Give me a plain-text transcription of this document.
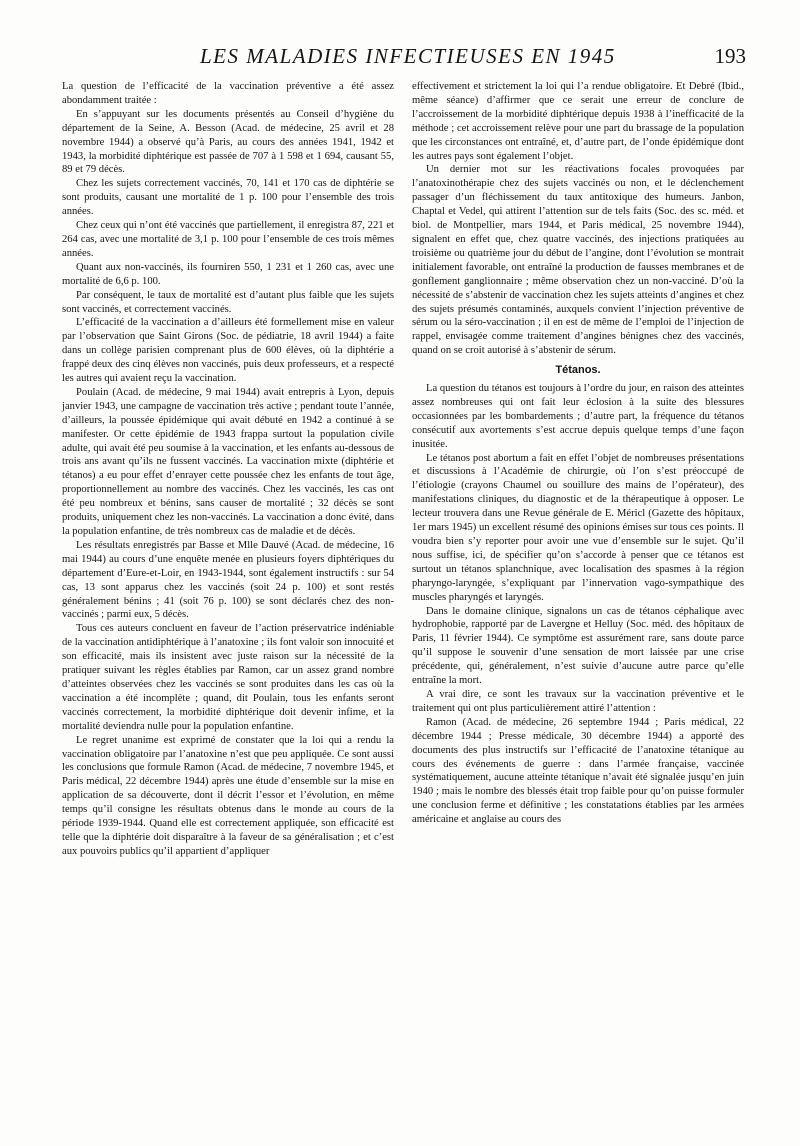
LES MALADIES INFECTIEUSES EN 1945	193

La question de l’efficacité de la vaccination préventive a été assez abondamment traitée :

En s’appuyant sur les documents présentés au Conseil d’hygiène du département de la Seine, A. Besson (Acad. de médecine, 25 avril et 28 novembre 1944) a observé qu’à Paris, au cours des années 1941, 1942 et 1943, la morbidité diphtérique est passée de 707 à 1 598 et 1 694, causant 55, 89 et 79 décès.

Chez les sujets correctement vaccinés, 70, 141 et 170 cas de diphtérie se sont produits, causant une mortalité de 1 p. 100 pour l’ensemble des trois années.

Chez ceux qui n’ont été vaccinés que partiellement, il enregistra 87, 221 et 264 cas, avec une mortalité de 3,1 p. 100 pour l’ensemble de ces trois mêmes années.

Quant aux non-vaccinés, ils fourniren 550, 1 231 et 1 260 cas, avec une mortalité de 6,6 p. 100.

Par conséquent, le taux de mortalité est d’autant plus faible que les sujets sont vaccinés, et correctement vaccinés.

L’efficacité de la vaccination a d’ailleurs été formellement mise en valeur par l’observation que Saint Girons (Soc. de pédiatrie, 18 avril 1944) a faite dans un collège parisien comprenant plus de 600 élèves, où la diphtérie a frappé deux des cinq élèves non vaccinés, puis deux professeurs, et a respecté les autres qui avaient reçu la vaccination.

Poulain (Acad. de médecine, 9 mai 1944) avait entrepris à Lyon, depuis janvier 1943, une campagne de vaccination très active ; pendant toute l’année, d’ailleurs, la poussée épidémique qui avait débuté en 1942 a continué à se manifester. Or cette épidémie de 1943 frappa surtout la population civile adulte, qui avait été peu soumise à la vaccination, et les enfants au-dessous de trois ans avant qu’ils ne fussent vaccinés. La vaccination mixte (diphtérie et tétanos) a eu pour effet d’enrayer cette poussée chez les enfants de tout âge, proportionnellement au nombre des vaccinés. Chez les vaccinés, les cas ont été peu nombreux et bénins, sans causer de mortalité ; 32 décès se sont produits, uniquement chez les non-vaccinés. La vaccination a donc évité, dans la population enfantine, de très nombreux cas de maladie et de décès.

Les résultats enregistrés par Basse et Mlle Dauvé (Acad. de médecine, 16 mai 1944) au cours d’une enquête menée en plusieurs foyers diphtériques du département d’Eure-et-Loir, en 1943-1944, sont également instructifs : sur 54 cas, 13 sont apparus chez les vaccinés (soit 24 p. 100) et sont restés généralement bénins ; 41 (soit 76 p. 100) se sont déclarés chez des non-vaccinés ; parmi eux, 5 décès.

Tous ces auteurs concluent en faveur de l’action préservatrice indéniable de la vaccination antidiphtérique à l’anatoxine ; ils font valoir son innocuité et son efficacité, mais ils insistent avec juste raison sur la nécessité de la pratiquer suivant les règles établies par Ramon, car un assez grand nombre d’atteintes observées chez les vaccinés se sont produites dans les cas où la vaccination a été incomplète ; quand, dit Poulain, tous les enfants seront vaccinés correctement, la morbidité diphtérique doit devenir infime, et la mortalité deviendra nulle pour la population enfantine.

Le regret unanime est exprimé de constater que la loi qui a rendu la vaccination obligatoire par l’anatoxine n’est que peu appliquée. Ce sont aussi les conclusions que formule Ramon (Acad. de médecine, 7 novembre 1945, et Paris médical, 22 décembre 1944) après une étude d’ensemble sur la mise en application de sa découverte, dont il décrit l’essor et l’évolution, en même temps qu’il consigne les résultats obtenus dans le monde au cours de la période 1939-1944. Quand elle est correctement appliquée, son efficacité est telle que la diphtérie doit disparaître à la faveur de sa généralisation ; et c’est aux pouvoirs publics qu’il appartient d’appliquer

effectivement et strictement la loi qui l’a rendue obligatoire. Et Debré (Ibid., même séance) d’affirmer que ce serait une erreur de conclure de l’accroissement de la morbidité diphtérique depuis 1938 à l’inefficacité de la méthode ; cet accroissement relève pour une part du brassage de la population que les circonstances ont entraîné, et, d’autre part, de l’onde épidémique dont les autres pays sont également l’objet.

Un dernier mot sur les réactivations focales provoquées par l’anatoxinothérapie chez des sujets vaccinés ou non, et le déclenchement passager d’un fléchissement du taux antitoxique des humeurs. Janbon, Chaptal et Vedel, qui attirent l’attention sur de tels faits (Soc. des sc. méd. et biol. de Montpellier, mars 1944, et Paris médical, 25 novembre 1944), signalent en effet que, chez quatre vaccinés, des injections pratiquées au troisième ou quatrième jour du début de l’angine, dont l’évolution se montrait initialement favorable, ont entraîné la production de fausses membranes et de gonflement ganglionnaire ; même observation chez un non-vacciné. D’où la nécessité de s’abstenir de vaccination chez les sujets atteints d’angines et chez des sujets présumés contaminés, auxquels convient l’injection préventive de sérum ou la séro-vaccination ; il en est de même de l’emploi de l’injection de rappel, envisagée comme traitement d’angines bénignes chez des vaccinés, quand on se croit autorisé à s’abstenir de sérum.

Tétanos.

La question du tétanos est toujours à l’ordre du jour, en raison des atteintes assez nombreuses qui ont fait leur éclosion à la suite des blessures occasionnées par les bombardements ; d’autre part, la fréquence du tétanos consécutif aux avortements s’est accrue depuis quelque temps d’une façon inusitée.

Le tétanos post abortum a fait en effet l’objet de nombreuses présentations et discussions à l’Académie de chirurgie, où l’on s’est préoccupé de l’étiologie (crayons Chaumel ou souillure des mains de l’opérateur), des manifestations cliniques, du diagnostic et de la thérapeutique à opposer. Le lecteur trouvera dans une Revue générale de E. Méricl (Gazette des hôpitaux, 1er mars 1945) un excellent résumé des opinions émises sur tous ces points. Il voudra bien s’y reporter pour avoir une vue d’ensemble sur le sujet. Qu’il nous suffise, ici, de spécifier qu’on s’accorde à penser que ce tétanos est surtout un tétanos splanchnique, avec localisation des spasmes à la région pharyngo-laryngée, s’expliquant par l’innervation vago-sympathique des muscles pharyngés et laryngés.

Dans le domaine clinique, signalons un cas de tétanos céphalique avec hydrophobie, rapporté par de Lavergne et Helluy (Soc. méd. des hôpitaux de Paris, 11 février 1944). Ce symptôme est assurément rare, sans doute parce qu’il suppose le souvenir d’une sensation de mort laissée par une crise précédente, qui, généralement, n’est suivie d’aucune autre parce qu’elle entraîne la mort.

A vrai dire, ce sont les travaux sur la vaccination préventive et le traitement qui ont plus particulièrement attiré l’attention :

Ramon (Acad. de médecine, 26 septembre 1944 ; Paris médical, 22 décembre 1944 ; Presse médicale, 30 décembre 1944) a apporté des documents des plus instructifs sur l’efficacité de l’anatoxine tétanique au cours des événements de guerre : dans l’armée française, vaccinée systématiquement, aucune atteinte tétanique n’avait été signalée jusqu’en juin 1940 ; mais le nombre des blessés était trop faible pour qu’on puisse formuler une conclusion ferme et définitive ; les constatations établies par les armées américaine et anglaise au cours des
